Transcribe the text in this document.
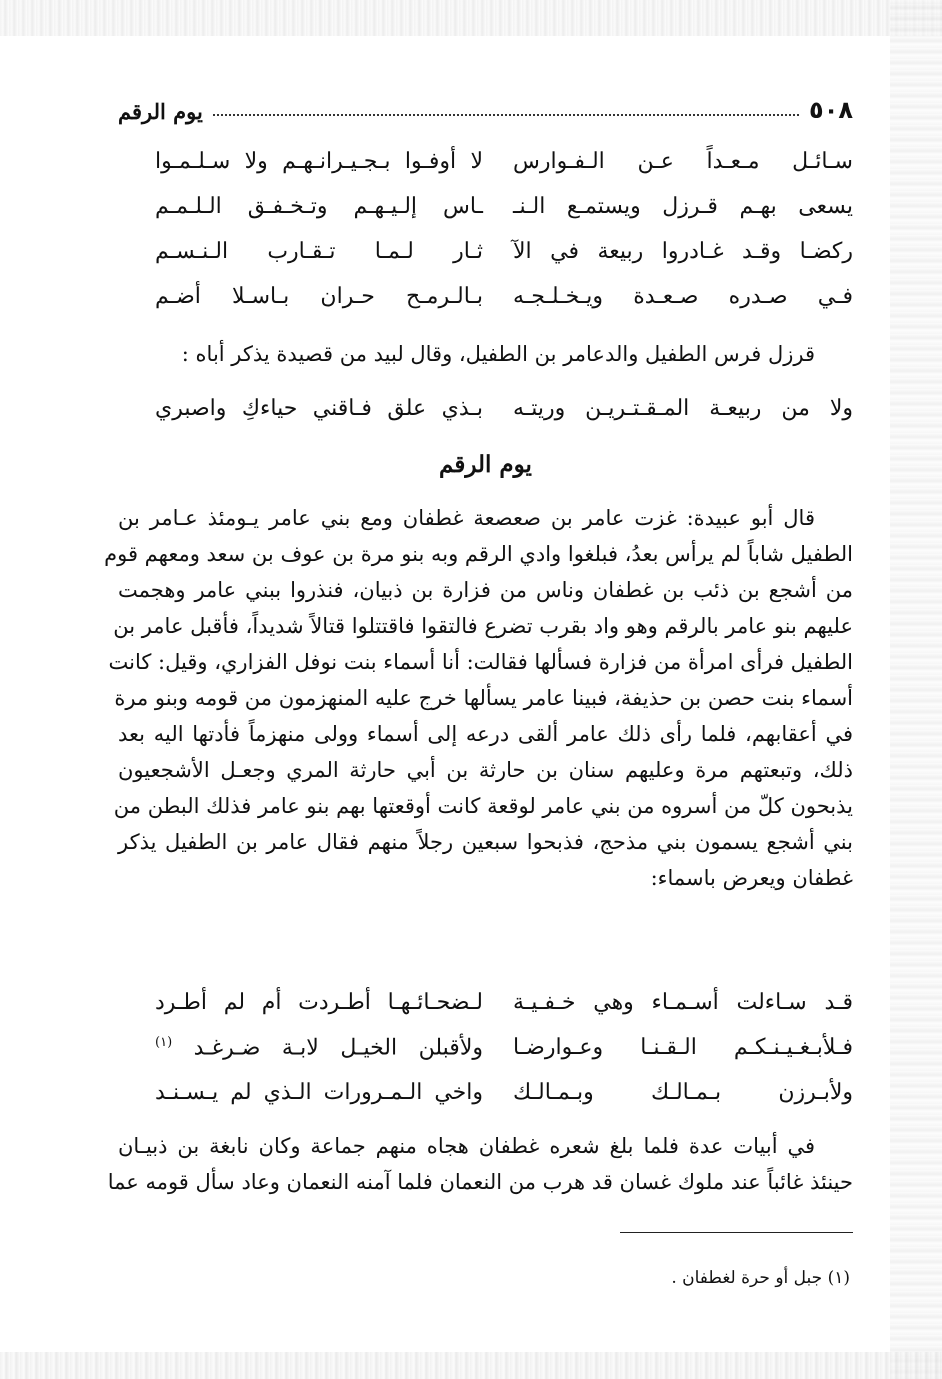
٥٠٨
يوم الرقم
سـائـل مـعـداً عـن الـفـوارس
لا أوفـوا بـجـيـرانـهـم ولا سـلـمـوا
يسعى بهـم قـرزل ويستمـع الـنـ
ـاس إلـيـهـم وتـخـفـق الـلـمـم
ركضـا وقـد غـادروا ربيعة في الآ
ثـار لـمـا تـقـارب الـنـسـم
فـي صـدره صـعـدة ويـخـلـجـه
بـالـرمـح حـران بـاسـلا أضـم
قرزل فرس الطفيل والدعامر بن الطفيل، وقال لبيد من قصيدة يذكر أباه :
ولا من ربيعـة المـقـتـريـن وريتـه
بـذي علق فـاقني حياءكِ واصبري
يوم الرقم
قال أبو عبيدة: غزت عامر بن صعصعة غطفان ومع بني عامر يـومئذ عـامر بن
الطفيل شاباً لم يرأس بعدُ، فبلغوا وادي الرقم وبه بنو مرة بن عوف بن سعد ومعهم قوم
من أشجع بن ذئب بن غطفان وناس من فزارة بن ذبيان، فنذروا ببني عامر وهجمت
عليهم بنو عامر بالرقم وهو واد بقرب تضرع فالتقوا فاقتتلوا قتالاً شديداً، فأقبل عامر بن
الطفيل فرأى امرأة من فزارة فسألها فقالت: أنا أسماء بنت نوفل الفزاري، وقيل: كانت
أسماء بنت حصن بن حذيفة، فبينا عامر يسألها خرج عليه المنهزمون من قومه وبنو مرة
في أعقابهم، فلما رأى ذلك عامر ألقى درعه إلى أسماء وولى منهزماً فأدتها اليه بعد
ذلك، وتبعتهم مرة وعليهم سنان بن حارثة بن أبي حارثة المري وجعـل الأشجعيون
يذبحون كلّ من أسروه من بني عامر لوقعة كانت أوقعتها بهم بنو عامر فذلك البطن من
بني أشجع يسمون بني مذحج، فذبحوا سبعين رجلاً منهم فقال عامر بن الطفيل يذكر
غطفان ويعرض باسماء:
قـد سـاءلت أسـمـاء وهي خـفـيـة
لـضحـائـهـا أطـردت أم لم أطـرد
فـلأبـغـيـنـكـم الـقـنـا وعـوارضـا
ولأقبلن الخيـل لابـة ضـرغـد $^{(١)}$
ولأبـرزن بـمـالـك وبـمـالـك
واخي الـمـرورات الـذي لم يـسـنـد
في أبيات عدة فلما بلغ شعره غطفان هجاه منهم جماعة وكان نابغة بن ذبيـان
حينئذ غائباً عند ملوك غسان قد هرب من النعمان فلما آمنه النعمان وعاد سأل قومه عما
(١) جبل أو حرة لغطفان .
